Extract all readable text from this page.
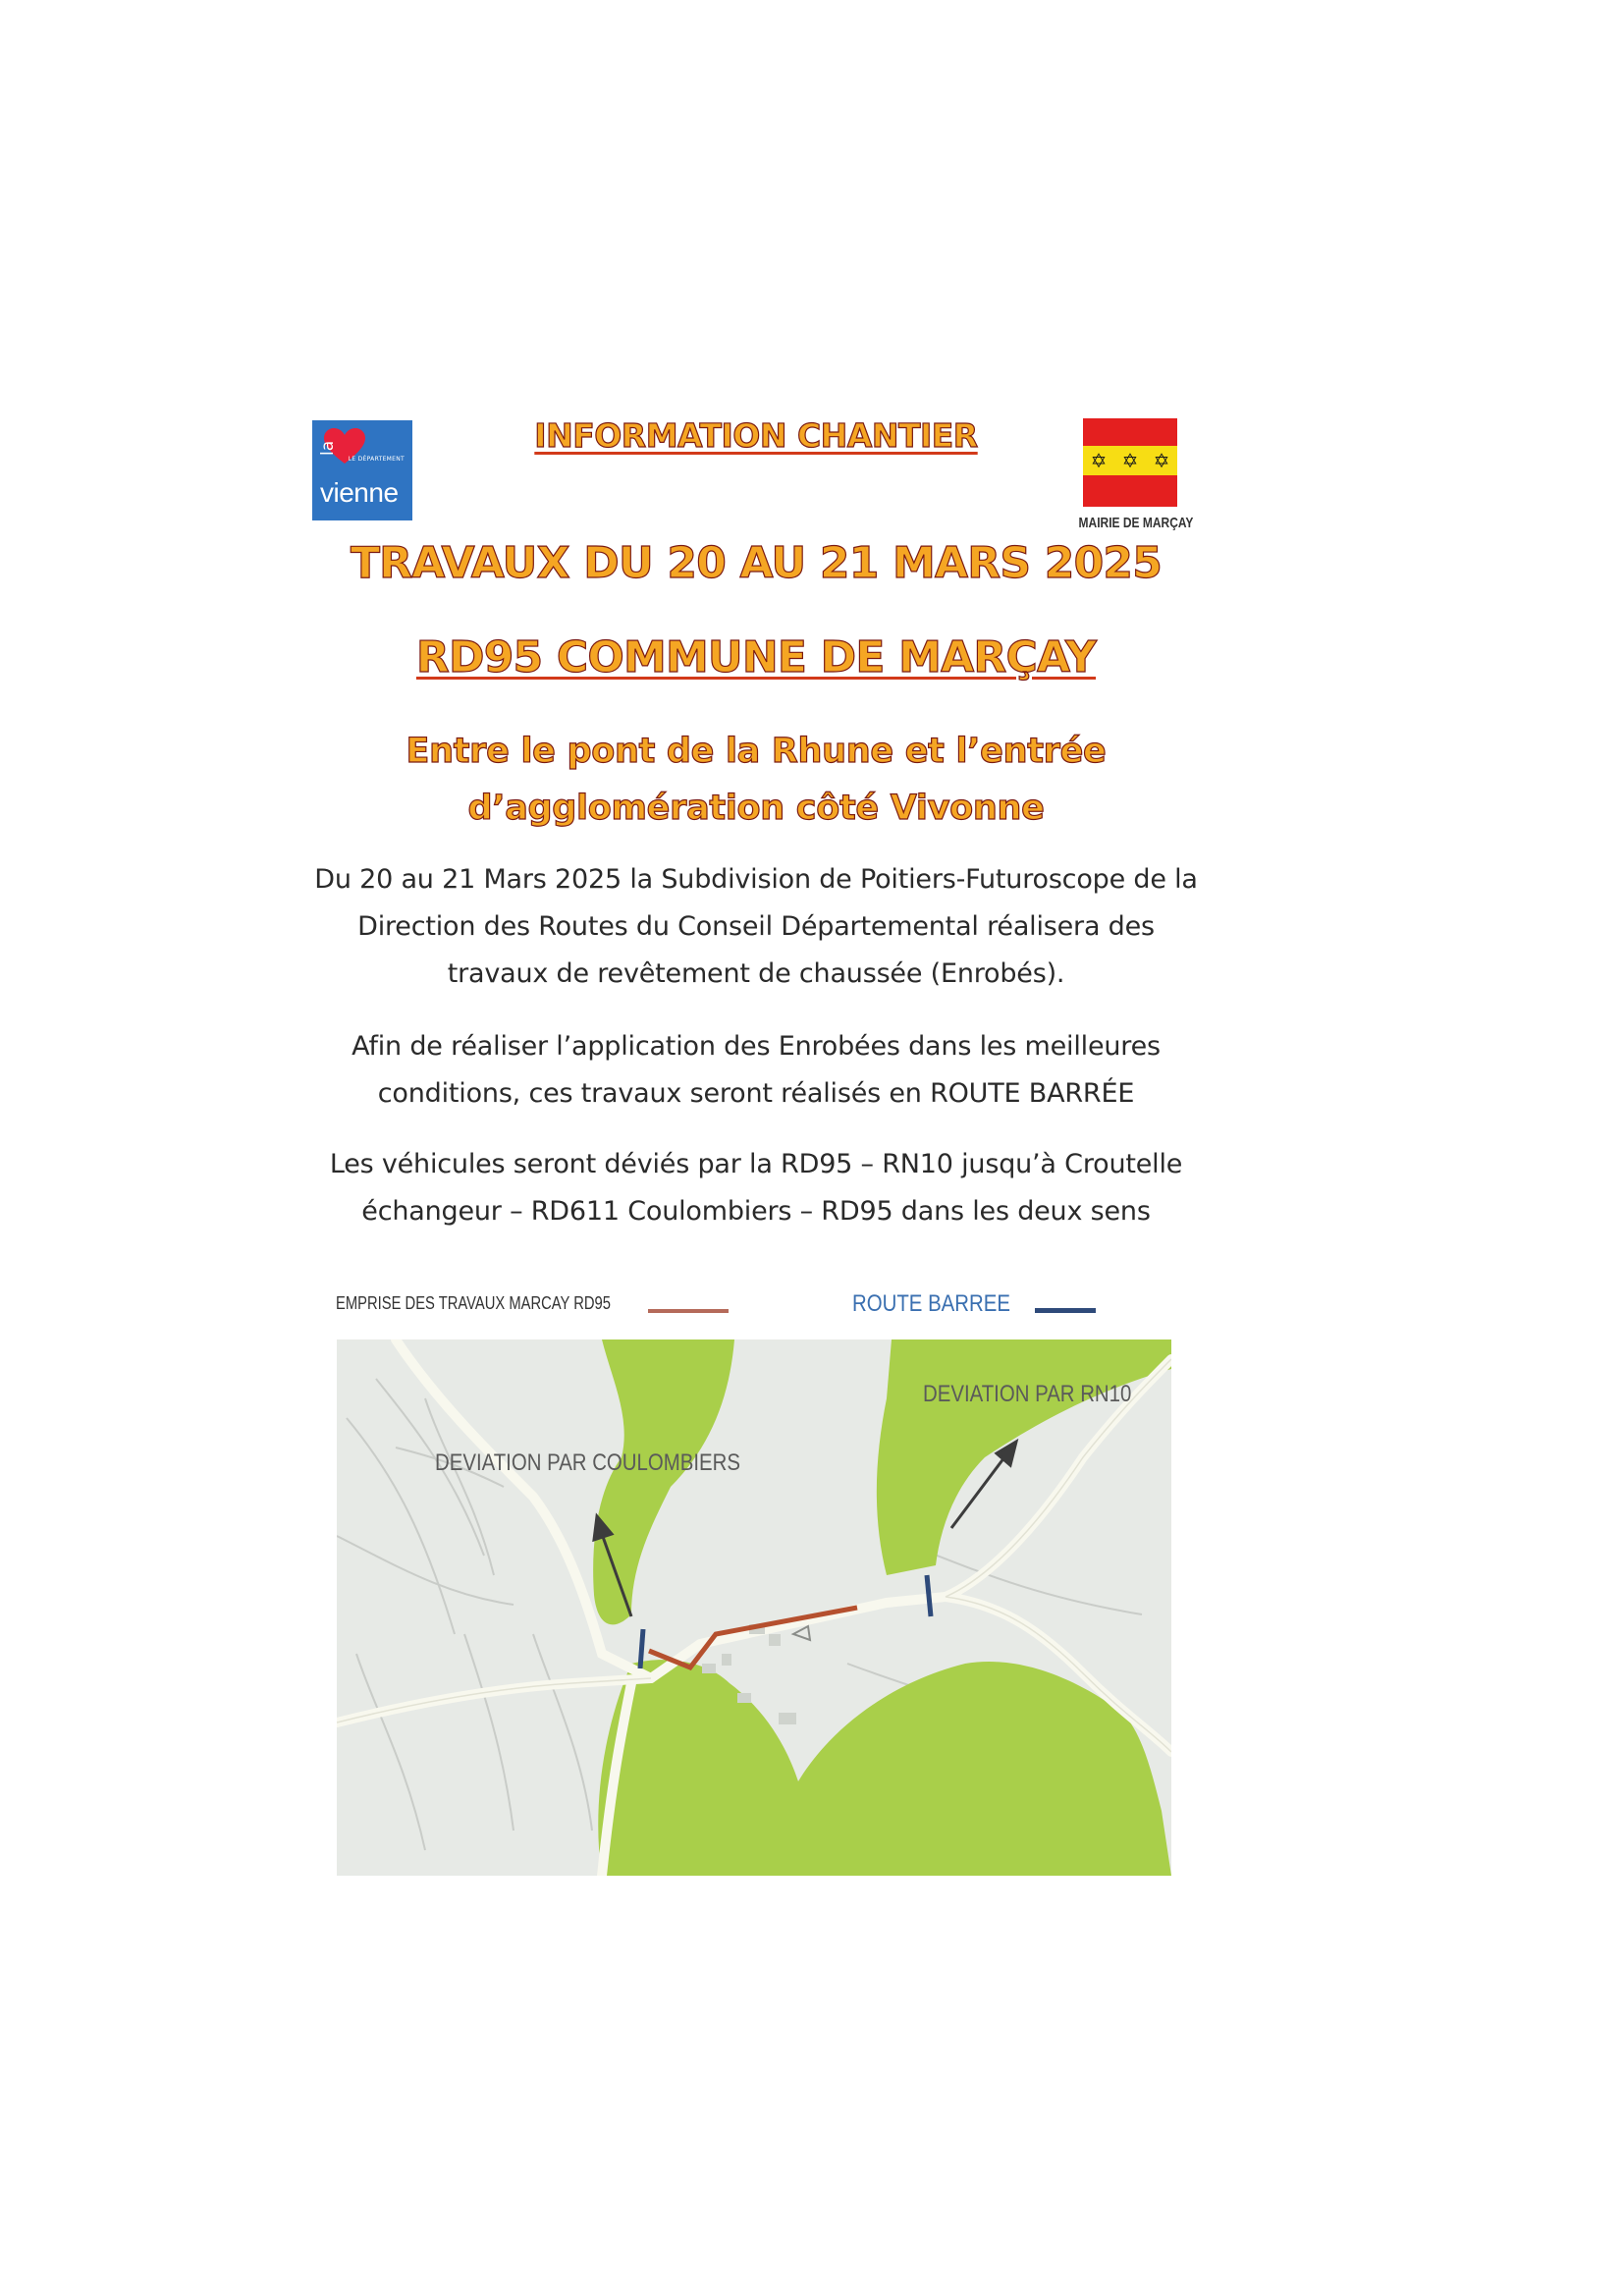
la
LE DÉPARTEMENT
vienne
INFORMATION CHANTIER
✡ ✡ ✡
MAIRIE DE MARÇAY
TRAVAUX DU 20 AU 21 MARS 2025
RD95 COMMUNE DE MARÇAY
Entre le pont de la Rhune et l’entrée
d’agglomération côté Vivonne
Du 20 au 21 Mars 2025 la Subdivision de Poitiers-Futuroscope de la
Direction des Routes du Conseil Départemental réalisera des
travaux de revêtement de chaussée (Enrobés).
Afin de réaliser l’application des Enrobées dans les meilleures
conditions, ces travaux seront réalisés en ROUTE BARRÉE
Les véhicules seront déviés par la RD95 – RN10 jusqu’à Croutelle
échangeur – RD611 Coulombiers – RD95 dans les deux sens
EMPRISE DES TRAVAUX MARCAY RD95	ROUTE BARREE
DEVIATION PAR COULOMBIERS
DEVIATION PAR RN10
